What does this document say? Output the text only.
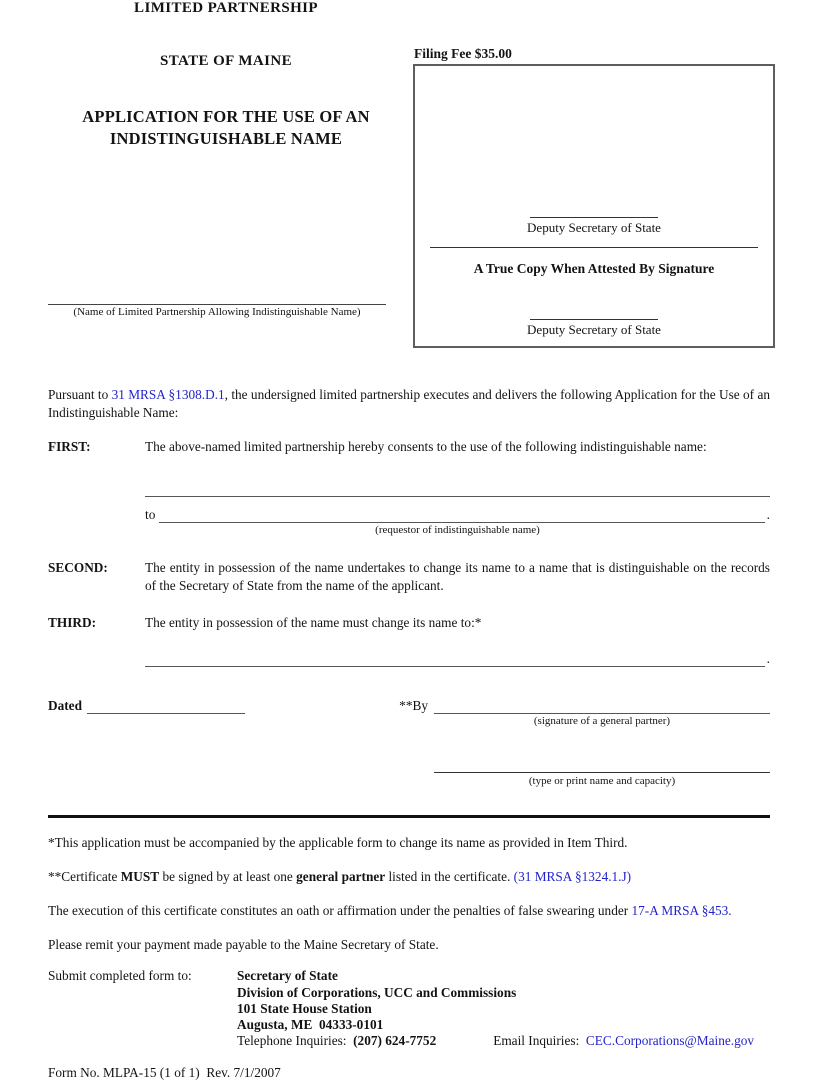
LIMITED PARTNERSHIP
STATE OF MAINE
APPLICATION FOR THE USE OF AN
INDISTINGUISHABLE NAME
(Name of Limited Partnership Allowing Indistinguishable Name)
Filing Fee $35.00
Deputy Secretary of State
A True Copy When Attested By Signature
Deputy Secretary of State

Pursuant to 31 MRSA §1308.D.1, the undersigned limited partnership executes and delivers the following Application for the Use of an Indistinguishable Name:

FIRST:	The above-named limited partnership hereby consents to the use of the following indistinguishable name:
to	.
(requestor of indistinguishable name)
SECOND:	The entity in possession of the name undertakes to change its name to a name that is distinguishable on the records of the Secretary of State from the name of the applicant.
THIRD:	The entity in possession of the name must change its name to:*
.
Dated	**By
(signature of a general partner)
(type or print name and capacity)

*This application must be accompanied by the applicable form to change its name as provided in Item Third.

**Certificate MUST be signed by at least one general partner listed in the certificate. (31 MRSA §1324.1.J)

The execution of this certificate constitutes an oath or affirmation under the penalties of false swearing under 17-A MRSA §453.

Please remit your payment made payable to the Maine Secretary of State.

Submit completed form to:	Secretary of State
Division of Corporations, UCC and Commissions
101 State House Station
Augusta, ME  04333-0101
Telephone Inquiries:  (207) 624-7752	Email Inquiries:  CEC.Corporations@Maine.gov
Form No. MLPA-15 (1 of 1)  Rev. 7/1/2007
